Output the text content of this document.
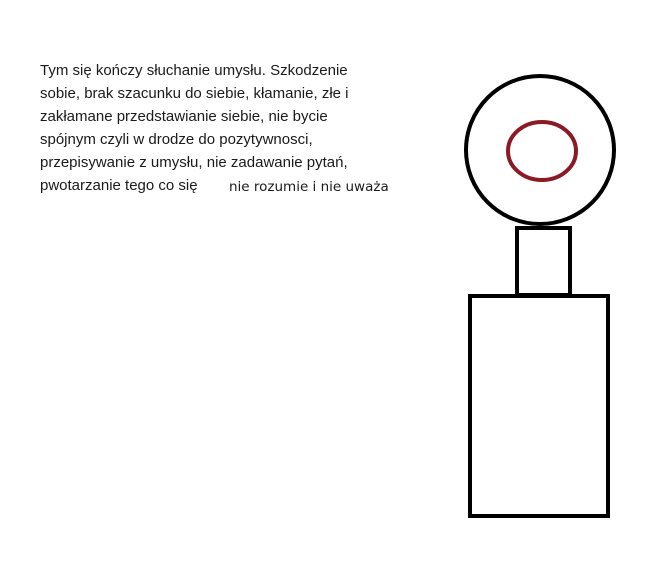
Tym się kończy słuchanie umysłu. Szkodzenie
sobie, brak szacunku do siebie, kłamanie, złe i
zakłamane przedstawianie siebie, nie bycie
spójnym czyli w drodze do pozytywnosci,
przepisywanie z umysłu, nie zadawanie pytań,
pwotarzanie tego co się nie rozumie i nie uważa
